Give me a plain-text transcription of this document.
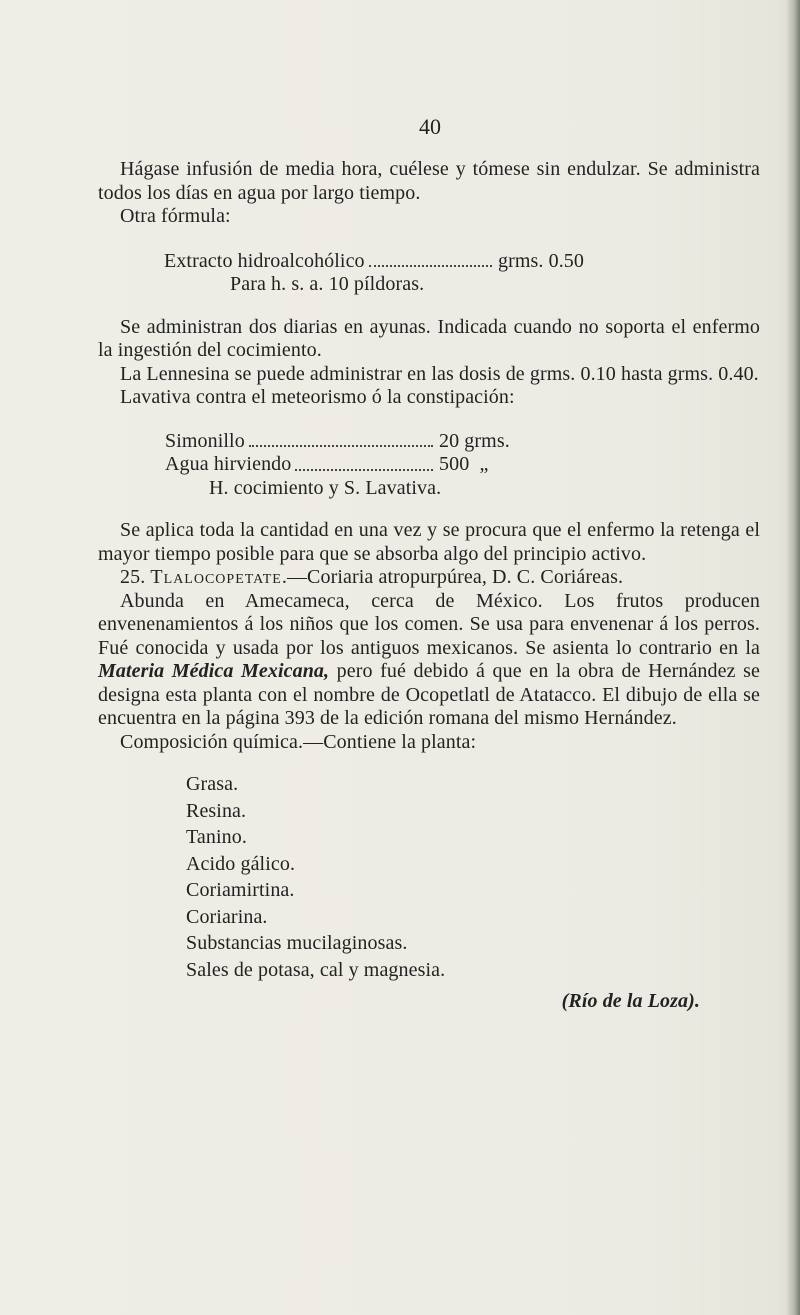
40

Hágase infusión de media hora, cuélese y tómese sin endulzar. Se administra todos los días en agua por largo tiempo.

Otra fórmula:

Extracto hidroalcohólico	grms. 0.50
Para h. s. a. 10 píldoras.

Se administran dos diarias en ayunas. Indicada cuando no soporta el enfermo la ingestión del cocimiento.

La Lennesina se puede administrar en las dosis de grms. 0.10 hasta grms. 0.40.

Lavativa contra el meteorismo ó la constipación:

Simonillo	20 grms.
Agua hirviendo	500  „
H. cocimiento y S. Lavativa.

Se aplica toda la cantidad en una vez y se procura que el enfermo la retenga el mayor tiempo posible para que se absorba algo del principio activo.

25. Tlalocopetate.—Coriaria atropurpúrea, D. C. Coriáreas.

Abunda en Amecameca, cerca de México. Los frutos producen envenenamientos á los niños que los comen. Se usa para envenenar á los perros. Fué conocida y usada por los antiguos mexicanos. Se asienta lo contrario en la Materia Médica Mexicana, pero fué debido á que en la obra de Hernández se designa esta planta con el nombre de Ocopetlatl de Atatacco. El dibujo de ella se encuentra en la página 393 de la edición romana del mismo Hernández.

Composición química.—Contiene la planta:

Grasa.
Resina.
Tanino.
Acido gálico.
Coriamirtina.
Coriarina.
Substancias mucilaginosas.
Sales de potasa, cal y magnesia.
(Río de la Loza).
